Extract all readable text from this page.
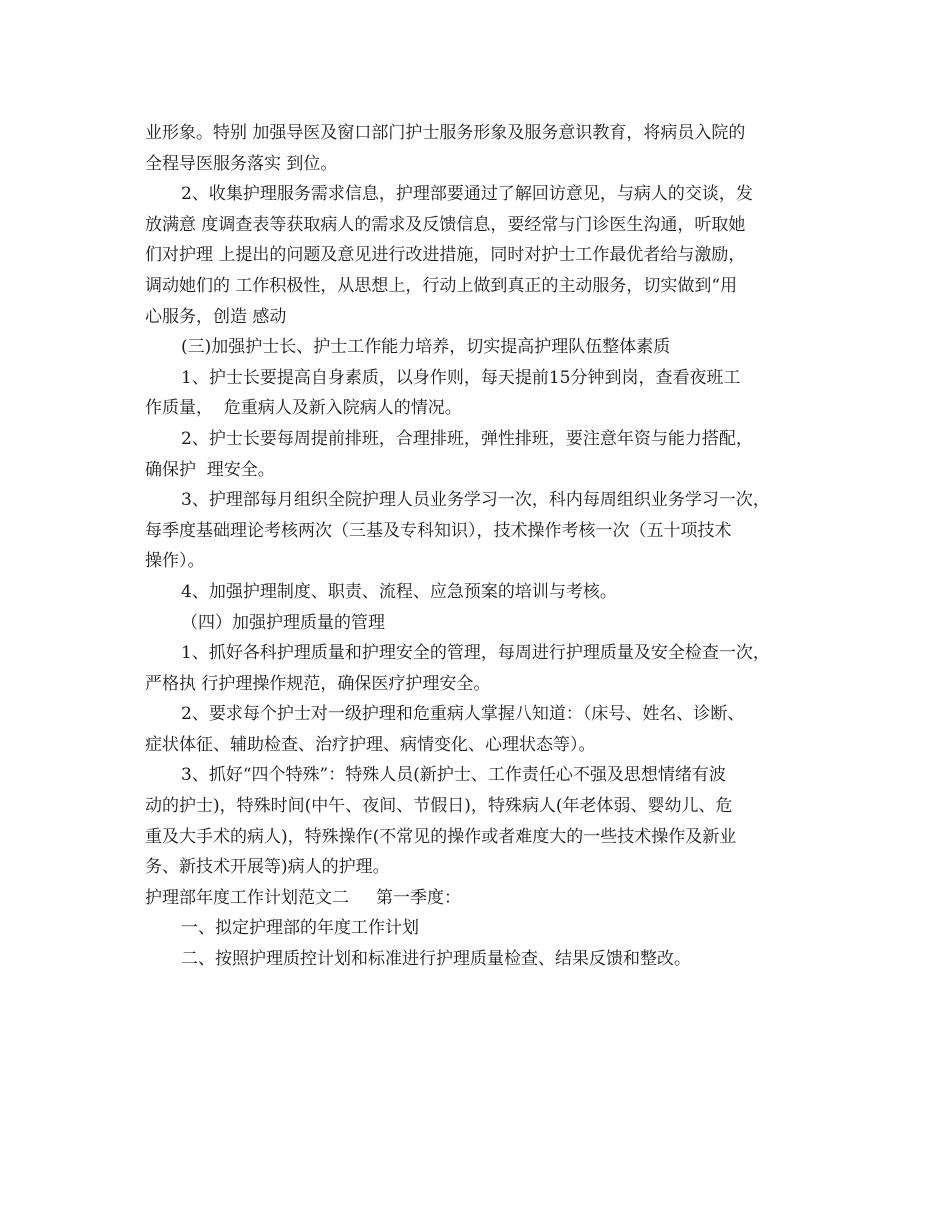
业形象。特别 加强导医及窗口部门护士服务形象及服务意识教育，将病员入院的
全程导医服务落实 到位。
2、收集护理服务需求信息，护理部要通过了解回访意见，与病人的交谈，发
放满意 度调查表等获取病人的需求及反馈信息，要经常与门诊医生沟通，听取她
们对护理 上提出的问题及意见进行改进措施，同时对护士工作最优者给与激励，
调动她们的 工作积极性，从思想上，行动上做到真正的主动服务，切实做到“用
心服务，创造 感动
(三)加强护士长、护士工作能力培养，切实提高护理队伍整体素质
1、护士长要提高自身素质，以身作则，每天提前15分钟到岗，查看夜班工
作质量，  危重病人及新入院病人的情况。
2、护士长要每周提前排班，合理排班，弹性排班，要注意年资与能力搭配，
确保护  理安全。
3、护理部每月组织全院护理人员业务学习一次，科内每周组织业务学习一次，
每季度基础理论考核两次（三基及专科知识），技术操作考核一次（五十项技术
操作）。
4、加强护理制度、职责、流程、应急预案的培训与考核。
（四）加强护理质量的管理
1、抓好各科护理质量和护理安全的管理，每周进行护理质量及安全检查一次，
严格执 行护理操作规范，确保医疗护理安全。
2、要求每个护士对一级护理和危重病人掌握八知道：（床号、姓名、诊断、
症状体征、辅助检查、治疗护理、病情变化、心理状态等）。
3、抓好“四个特殊”：特殊人员(新护士、工作责任心不强及思想情绪有波
动的护士)，特殊时间(中午、夜间、节假日)，特殊病人(年老体弱、婴幼儿、危
重及大手术的病人)，特殊操作(不常见的操作或者难度大的一些技术操作及新业
务、新技术开展等)病人的护理。
护理部年度工作计划范文二     第一季度：
一、拟定护理部的年度工作计划
二、按照护理质控计划和标准进行护理质量检查、结果反馈和整改。
